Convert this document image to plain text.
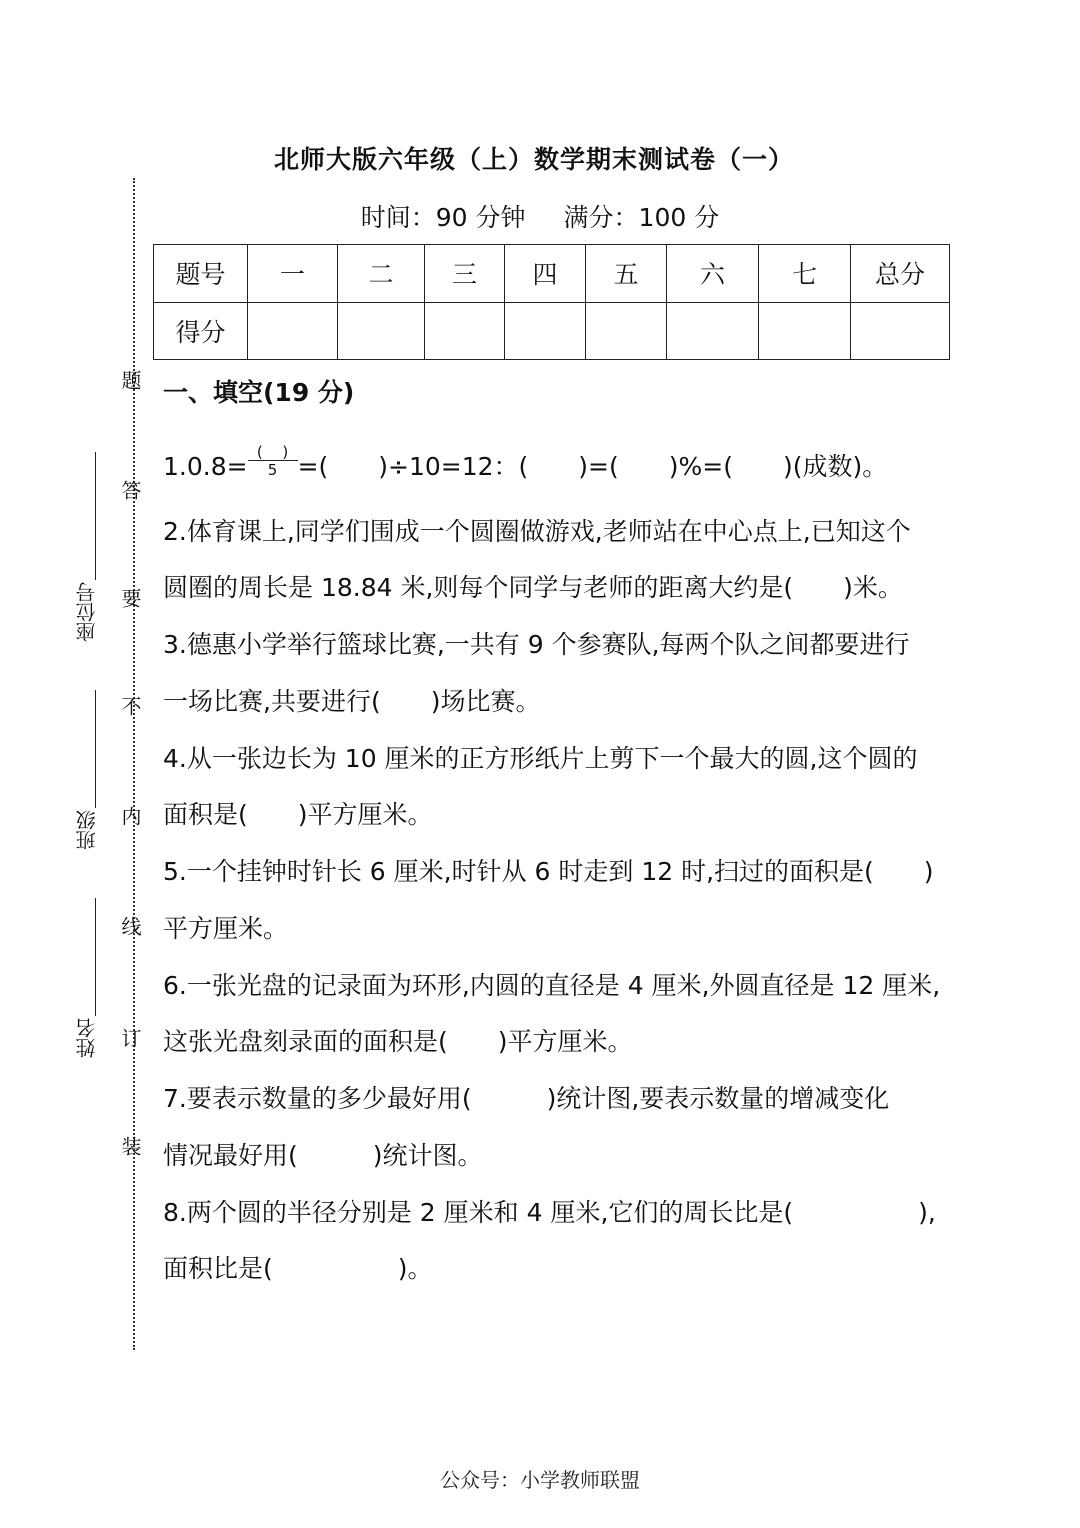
题
答
要
不
内
线
订
装
座位号
班级
姓名
北师大版六年级（上）数学期末测试卷（一）
时间：90 分钟 满分：100 分
题号	一	二	三	四	五	六	七	总分
得分								
一、填空(19 分)
$1.0.8= \frac{( )}{5}$ =(　　)÷10=12：(　　)=(　　)%=(　　)(成数)。
2.体育课上,同学们围成一个圆圈做游戏,老师站在中心点上,已知这个
圆圈的周长是 18.84 米,则每个同学与老师的距离大约是(　　)米。
3.德惠小学举行篮球比赛,一共有 9 个参赛队,每两个队之间都要进行
一场比赛,共要进行(　　)场比赛。
4.从一张边长为 10 厘米的正方形纸片上剪下一个最大的圆,这个圆的
面积是(　　)平方厘米。
5.一个挂钟时针长 6 厘米,时针从 6 时走到 12 时,扫过的面积是(　　)
平方厘米。
6.一张光盘的记录面为环形,内圆的直径是 4 厘米,外圆直径是 12 厘米,
这张光盘刻录面的面积是(　　)平方厘米。
7.要表示数量的多少最好用(　　　)统计图,要表示数量的增减变化
情况最好用(　　　)统计图。
8.两个圆的半径分别是 2 厘米和 4 厘米,它们的周长比是(　　　　　),
面积比是(　　　　　)。
公众号：小学教师联盟
